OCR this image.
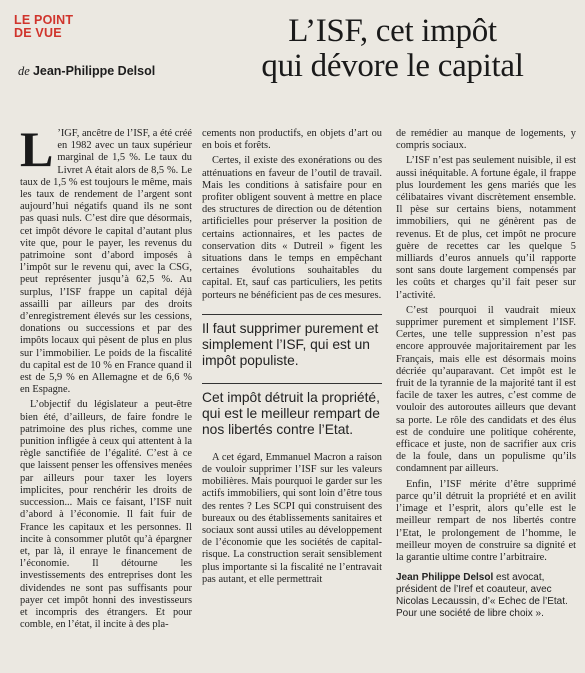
LE POINT
DE VUE
de Jean-Philippe Delsol
L’ISF, cet impôt
qui dévore le capital

L ’IGF, ancêtre de l’ISF, a été créé en 1982 avec un taux supérieur marginal de 1,5 %. Le taux du Livret A était alors de 8,5 %. Le taux de 1,5 % est toujours le même, mais les taux de rendement de l’argent sont aujourd’hui négatifs quand ils ne sont pas quasi nuls. C’est dire que désormais, cet impôt dévore le capital d’autant plus vite que, pour le payer, les revenus du patrimoine sont d’abord imposés à l’impôt sur le revenu qui, avec la CSG, peut représenter jusqu’à 62,5 %. Au surplus, l’ISF frappe un capital déjà assailli par ailleurs par des droits d’enregistrement élevés sur les cessions, donations ou successions et par des impôts locaux qui pèsent de plus en plus sur l’immobilier. Le poids de la fiscalité du capital est de 10 % en France quand il est de 5,9 % en Allemagne et de 6,6 % en Espagne.

L’objectif du législateur a peut-être bien été, d’ailleurs, de faire fondre le patrimoine des plus riches, comme une punition infligée à ceux qui attentent à la règle sanctifiée de l’égalité. C’est à ce que laissent penser les offensives menées par ailleurs pour taxer les loyers implicites, pour renchérir les droits de succession... Mais ce faisant, l’ISF nuit d’abord à l’économie. Il fait fuir de France les capitaux et les personnes. Il incite à consommer plutôt qu’à épargner et, par là, il enraye le financement de l’économie. Il détourne les investissements des entreprises dont les dividendes ne sont pas suffisants pour payer cet impôt honni des investisseurs et incompris des étrangers. Et pour comble, en l’état, il incite à des pla-

cements non productifs, en objets d’art ou en bois et forêts.

Certes, il existe des exonérations ou des atténuations en faveur de l’outil de travail. Mais les conditions à satisfaire pour en profiter obligent souvent à mettre en place des structures de direction ou de détention artificielles pour préserver la position de certains actionnaires, et les pactes de conservation dits « Dutreil » figent les situations dans le temps en empêchant certaines évolutions souhaitables du capital. Et, sauf cas particuliers, les petits porteurs ne bénéficient pas de ces mesures.

Il faut supprimer purement et simplement l’ISF, qui est un impôt populiste.
Cet impôt détruit la propriété, qui est le meilleur rempart de nos libertés contre l’Etat.

A cet égard, Emmanuel Macron a raison de vouloir supprimer l’ISF sur les valeurs mobilières. Mais pourquoi le garder sur les actifs immobiliers, qui sont loin d’être tous des rentes ? Les SCPI qui construisent des bureaux ou des établissements sanitaires et sociaux sont aussi utiles au développement de l’économie que les sociétés de capital-risque. La construction serait sensiblement plus importante si la fiscalité ne l’entravait pas autant, et elle permettrait

de remédier au manque de logements, y compris sociaux.

L’ISF n’est pas seulement nuisible, il est aussi inéquitable. A fortune égale, il frappe plus lourdement les gens mariés que les célibataires vivant discrètement ensemble. Il pèse sur certains biens, notamment immobiliers, qui ne génèrent pas de revenus. Et de plus, cet impôt ne procure guère de recettes car les quelque 5 milliards d’euros annuels qu’il rapporte sont sans doute largement compensés par les coûts et charges qu’il fait peser sur l’activité.

C’est pourquoi il vaudrait mieux supprimer purement et simplement l’ISF. Certes, une telle suppression n’est pas encore approuvée majoritairement par les Français, mais elle est désormais moins décriée qu’auparavant. Cet impôt est le fruit de la tyrannie de la majorité tant il est facile de taxer les autres, c’est comme de vouloir des autoroutes ailleurs que devant sa porte. Le rôle des candidats et des élus est de conduire une politique cohérente, efficace et juste, non de sacrifier aux cris de la foule, dans un populisme qu’ils condamnent par ailleurs.

Enfin, l’ISF mérite d’être supprimé parce qu’il détruit la propriété et en avilit l’image et l’esprit, alors qu’elle est le meilleur rempart de nos libertés contre l’Etat, le prolongement de l’homme, le meilleur moyen de construire sa dignité et la garantie ultime contre l’arbitraire.

Jean Philippe Delsol est avocat, président de l’Iref et coauteur, avec Nicolas Lecaussin, d’« Echec de l’Etat. Pour une société de libre choix ».
